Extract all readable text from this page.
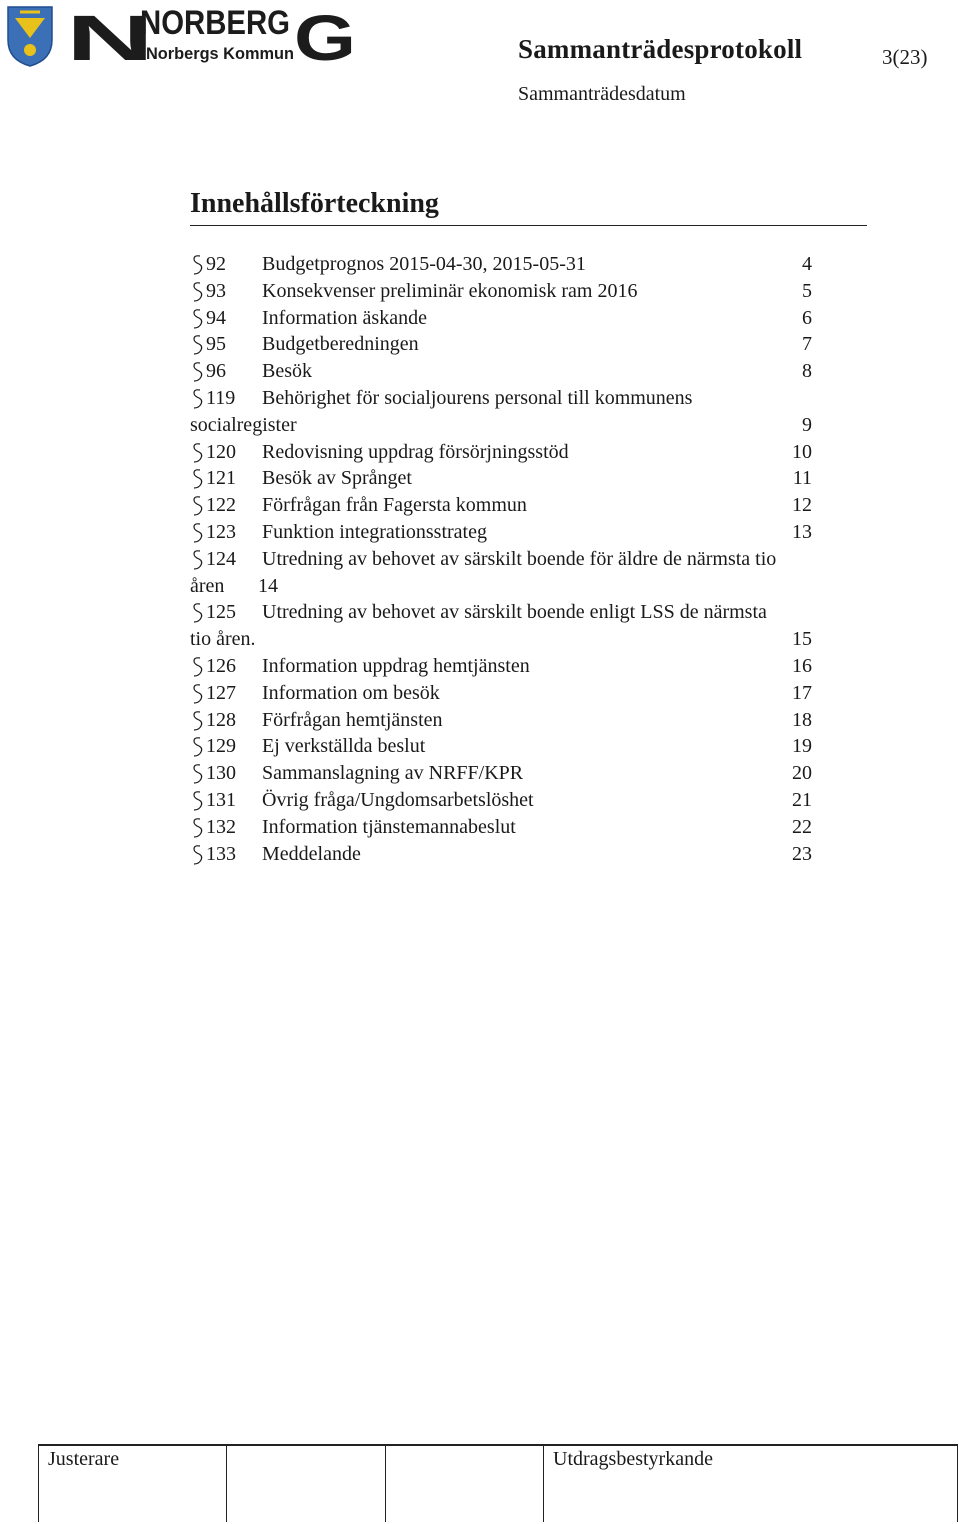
N
NORBERG
Norbergs Kommun G	Sammanträdesprotokoll	3(23)
Sammanträdesdatum
Innehållsförteckning
92 Budgetprognos 2015-04-30, 2015-05-31	4
93 Konsekvenser preliminär ekonomisk ram 2016	5
94 Information äskande	6
95 Budgetberedningen	7
96 Besök	8
119 Behörighet för socialjourens personal till kommunens
socialregister	9
120 Redovisning uppdrag försörjningsstöd	10
121 Besök av Språnget	11
122 Förfrågan från Fagersta kommun	12
123 Funktion integrationsstrateg	13
124 Utredning av behovet av särskilt boende för äldre de närmsta tio
åren 14
125 Utredning av behovet av särskilt boende enligt LSS de närmsta
tio åren.	15
126 Information uppdrag hemtjänsten	16
127 Information om besök	17
128 Förfrågan hemtjänsten	18
129 Ej verkställda beslut	19
130 Sammanslagning av NRFF/KPR	20
131 Övrig fråga/Ungdomsarbetslöshet	21
132 Information tjänstemannabeslut	22
133 Meddelande	23
Justerare	Utdragsbestyrkande
